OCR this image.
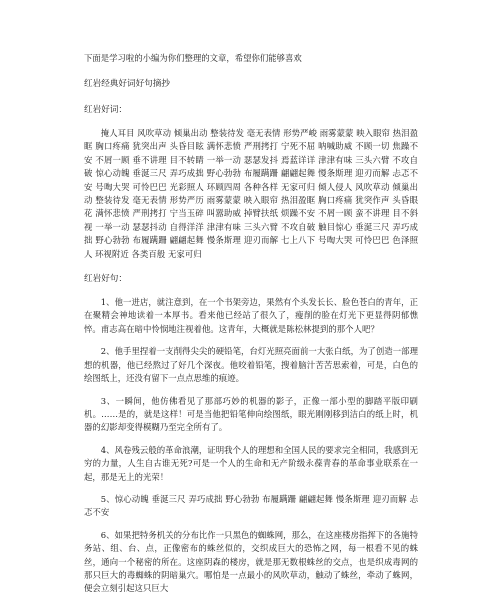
下面是学习啦的小编为你们整理的文章，希望你们能够喜欢

红岩经典好词好句摘抄

红岩好词：

掩人耳目 风吹草动 倾巢出动 整装待发 毫无表情 形势严峻 雨雾蒙蒙 映入眼帘 热泪盈眶 胸口疼痛 犹突出声 头昏目眩 满怀悲愤 严刑拷打 宁死不屈 呐喊助威 不顾一切 焦躁不安 不屑一顾 垂不讲理 目不转睛 一举一动 瑟瑟发抖 焉蓝详详 津津有味 三头六臂 不攻自破 惊心动魄 垂涎三尺 弄巧成拙 野心勃勃 布履蹒跚 翩翩起舞 慢条斯理 迎刃而解 忐忑不安 号啕大哭 可怜巴巴 光彩照人 环顾四周 各种各样 无家可归 倾人侵人 风吹草动 倾巢出动 整装待发 毫无表情 形势严历 雨雾蒙蒙 映入眼帘 热泪盈眶 胸口疼痛 犹突作声 头昏眼花 满怀悲愤 严刑拷打 宁当玉碎 叫嚣助威 掉臂扶纸 烦躁不安 不屑一顾 蛮不讲理 目不斜视 一举一动 瑟瑟抖动 自得洋洋 津津有味 三头六臂 不攻自破 触目惊心 垂涎三尺 弄巧成拙 野心勃勃 布履蹒跚 翩翩起舞 慢条斯理 迎刃而解 七上八下 号啕大哭 可怜巴巴 色泽照人 环视附近 各类百般 无家可归

红岩好句：

1、他一进店，就注意到，在一个书架旁边，果然有个头发长长、脸色苍白的青年，正在聚精会神地读着一本厚书。看来他已经站了很久了，瘦削的脸在灯光下更显得阴郁憔悴。甫志高在暗中怜悯地注视着他。这青年，大概就是陈松林提到的那个人吧？

2、他手里捏着一支削得尖尖的硬铅笔，台灯光照亮面前一大张白纸，为了创造一部理想的机器，他已经熬过了好几个深夜。他咬着铅笔，搜着脑汁苦苦思索着，可是，白色的绘图纸上，还没有留下一点点思维的痕迹。

3、一瞬间，他仿佛看见了那部巧妙的机器的影子，正像一部小型的脚踏平版印刷机。……是的，就是这样！可是当他把铅笔伸向绘图纸，眼光刚刚移到洁白的纸上时，机器的幻影却变得模糊乃至完全所有了。

4、风卷残云般的革命浪潮，证明我个人的理想和全国人民的要求完全相同，我感到无穷的力量，人生自古谁无死?可是一个人的生命和无产阶级永葆青春的革命事业联系在一起，那是无上的光荣！

5、惊心动魄 垂涎三尺 弄巧成拙 野心勃勃 布履蹒跚 翩翩起舞 慢条斯理 迎刃而解 忐忑不安

6、如果把特务机关的分布比作一只黑色的蜘蛛网，那么，在这座楼房指挥下的各施特务站、组、台、点，正像密布的蛛丝似的，交织成巨大的恐怖之网，每一根看不见的蛛丝，通向一个秘密的所在。这座阴森的楼房，就是那无数根蛛丝的交点，也是织成毒网的那只巨大的毒蜘蛛的阴暗巢穴。哪怕是一点最小的风吹草动，触动了蛛丝，牵动了蛛网，便会立刻引起这只巨大
